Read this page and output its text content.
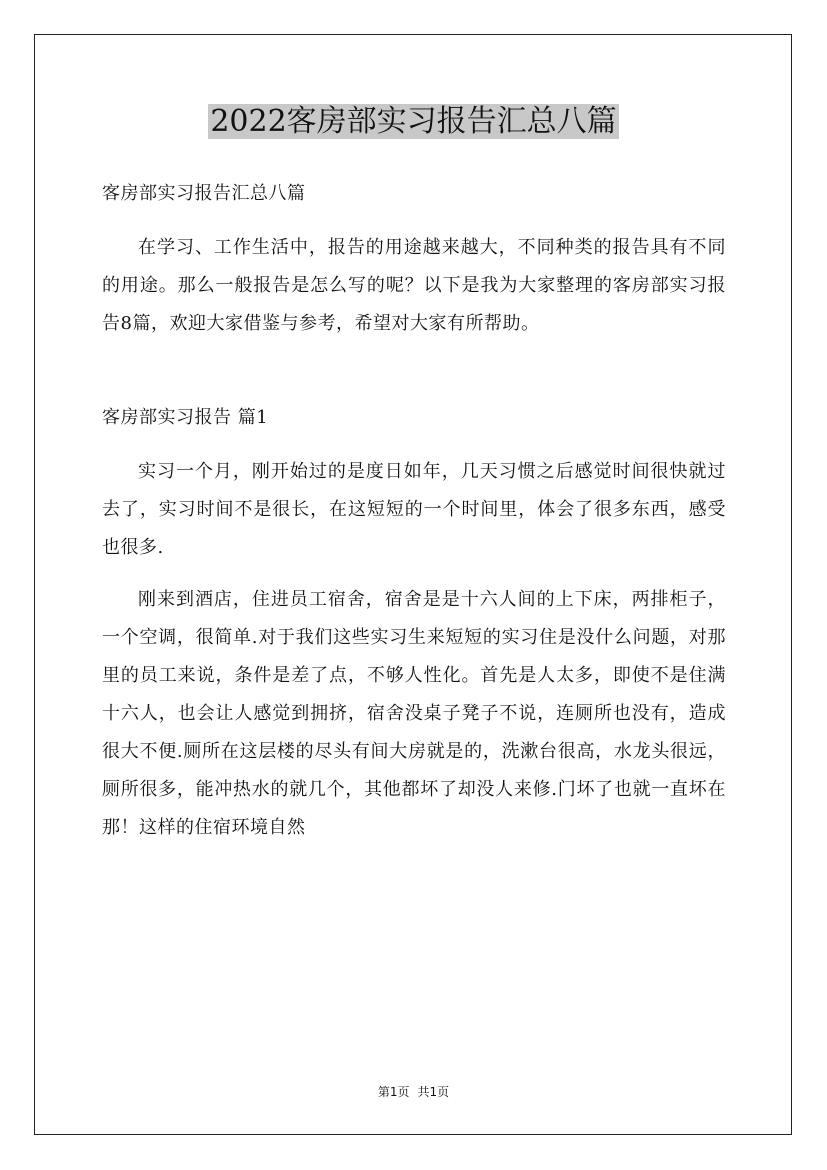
2022客房部实习报告汇总八篇

客房部实习报告汇总八篇

在学习、工作生活中，报告的用途越来越大，不同种类的报告具有不同的用途。那么一般报告是怎么写的呢？以下是我为大家整理的客房部实习报告8篇，欢迎大家借鉴与参考，希望对大家有所帮助。

客房部实习报告 篇1

实习一个月，刚开始过的是度日如年，几天习惯之后感觉时间很快就过去了，实习时间不是很长，在这短短的一个时间里，体会了很多东西，感受也很多.

刚来到酒店，住进员工宿舍，宿舍是是十六人间的上下床，两排柜子，一个空调，很简单.对于我们这些实习生来短短的实习住是没什么问题，对那里的员工来说，条件是差了点，不够人性化。首先是人太多，即使不是住满十六人，也会让人感觉到拥挤，宿舍没桌子凳子不说，连厕所也没有，造成很大不便.厕所在这层楼的尽头有间大房就是的，洗漱台很高，水龙头很远，厕所很多，能冲热水的就几个，其他都坏了却没人来修.门坏了也就一直坏在那！这样的住宿环境自然

第1页 共1页
